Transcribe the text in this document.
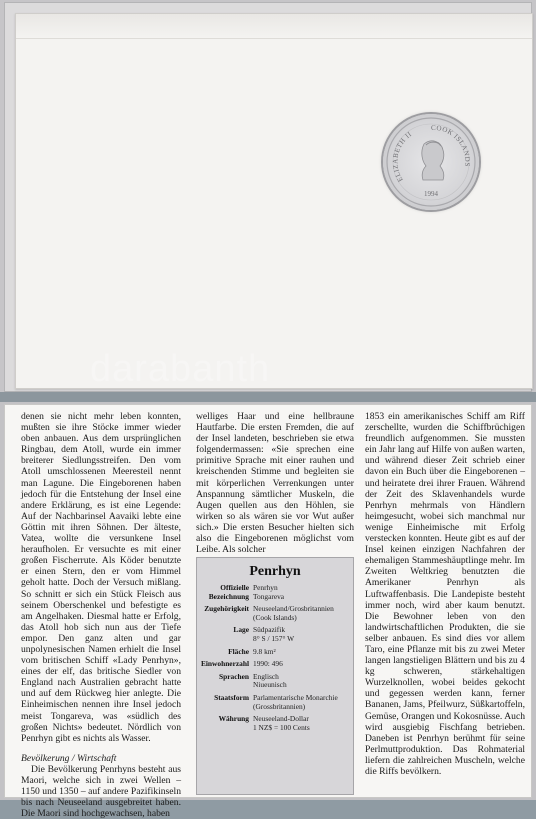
ELIZABETH II
COOK ISLANDS
1994

denen sie nicht mehr leben konnten, mußten sie ihre Stöcke immer wieder oben anbauen. Aus dem ursprünglichen Ringbau, dem Atoll, wurde ein immer breiterer Siedlungsstreifen. Den vom Atoll umschlossenen Meeresteil nennt man Lagune. Die Eingeborenen haben jedoch für die Entstehung der Insel eine andere Erklärung, es ist eine Legende: Auf der Nachbarinsel Aavaiki lebte eine Göttin mit ihren Söhnen. Der älteste, Vatea, wollte die versunkene Insel heraufholen. Er versuchte es mit einer großen Fischerrute. Als Köder benutzte er einen Stern, den er vom Himmel geholt hatte. Doch der Versuch mißlang. So schnitt er sich ein Stück Fleisch aus seinem Oberschenkel und befestigte es am Angelhaken. Diesmal hatte er Erfolg, das Atoll hob sich nun aus der Tiefe empor. Den ganz alten und gar unpolynesischen Namen erhielt die Insel vom britischen Schiff «Lady Penrhyn», eines der elf, das britische Siedler von England nach Australien gebracht hatte und auf dem Rückweg hier anlegte. Die Einheimischen nennen ihre Insel jedoch meist Tongareva, was «südlich des großen Nichts» bedeutet. Nördlich von Penrhyn gibt es nichts als Wasser.

Bevölkerung / Wirtschaft

Die Bevölkerung Penrhyns besteht aus Maori, welche sich in zwei Wellen – 1150 und 1350 – auf andere Pazifikinseln bis nach Neuseeland ausgebreitet haben. Die Maori sind hochgewachsen, haben

welliges Haar und eine hellbraune Hautfarbe. Die ersten Fremden, die auf der Insel landeten, beschrieben sie etwa folgendermassen: «Sie sprechen eine primitive Sprache mit einer rauhen und kreischenden Stimme und begleiten sie mit körperlichen Verrenkungen unter Anspannung sämtlicher Muskeln, die Augen quellen aus den Höhlen, sie wirken so als wären sie vor Wut außer sich.» Die ersten Besucher hielten sich also die Eingeborenen möglichst vom Leibe. Als solcher

Penrhyn
Offizielle Bezeichnung
Penrhyn
Tongareva
Zugehörigkeit Neuseeland/Grosbritannien
(Cook Islands)
Lage Südpazifik
8° S / 157° W
Fläche 9.8 km²
Einwohnerzahl 1990: 496
Sprachen Englisch
Niueunisch
Staatsform Parlamentarische Monarchie
(Grossbritannien)
Währung Neuseeland-Dollar
1 NZ$ = 100 Cents

1853 ein amerikanisches Schiff am Riff zerschellte, wurden die Schiffbrüchigen freundlich aufgenommen. Sie mussten ein Jahr lang auf Hilfe von außen warten, und während dieser Zeit schrieb einer davon ein Buch über die Eingeborenen – und heiratete drei ihrer Frauen. Während der Zeit des Sklavenhandels wurde Penrhyn mehrmals von Händlern heimgesucht, wobei sich manchmal nur wenige Einheimische mit Erfolg verstecken konnten. Heute gibt es auf der Insel keinen einzigen Nachfahren der ehemaligen Stammeshäuptlinge mehr. Im Zweiten Weltkrieg benutzten die Amerikaner Penrhyn als Luftwaffenbasis. Die Landepiste besteht immer noch, wird aber kaum benutzt. Die Bewohner leben von den landwirtschaftlichen Produkten, die sie selber anbauen. Es sind dies vor allem Taro, eine Pflanze mit bis zu zwei Meter langen langstieligen Blättern und bis zu 4 kg schweren, stärkehaltigen Wurzelknollen, wobei beides gekocht und gegessen werden kann, ferner Bananen, Jams, Pfeilwurz, Süßkartoffeln, Gemüse, Orangen und Kokosnüsse. Auch wird ausgiebig Fischfang betrieben. Daneben ist Penrhyn berühmt für seine Perlmuttproduktion. Das Rohmaterial liefern die zahlreichen Muscheln, welche die Riffs bevölkern.

darabanth
